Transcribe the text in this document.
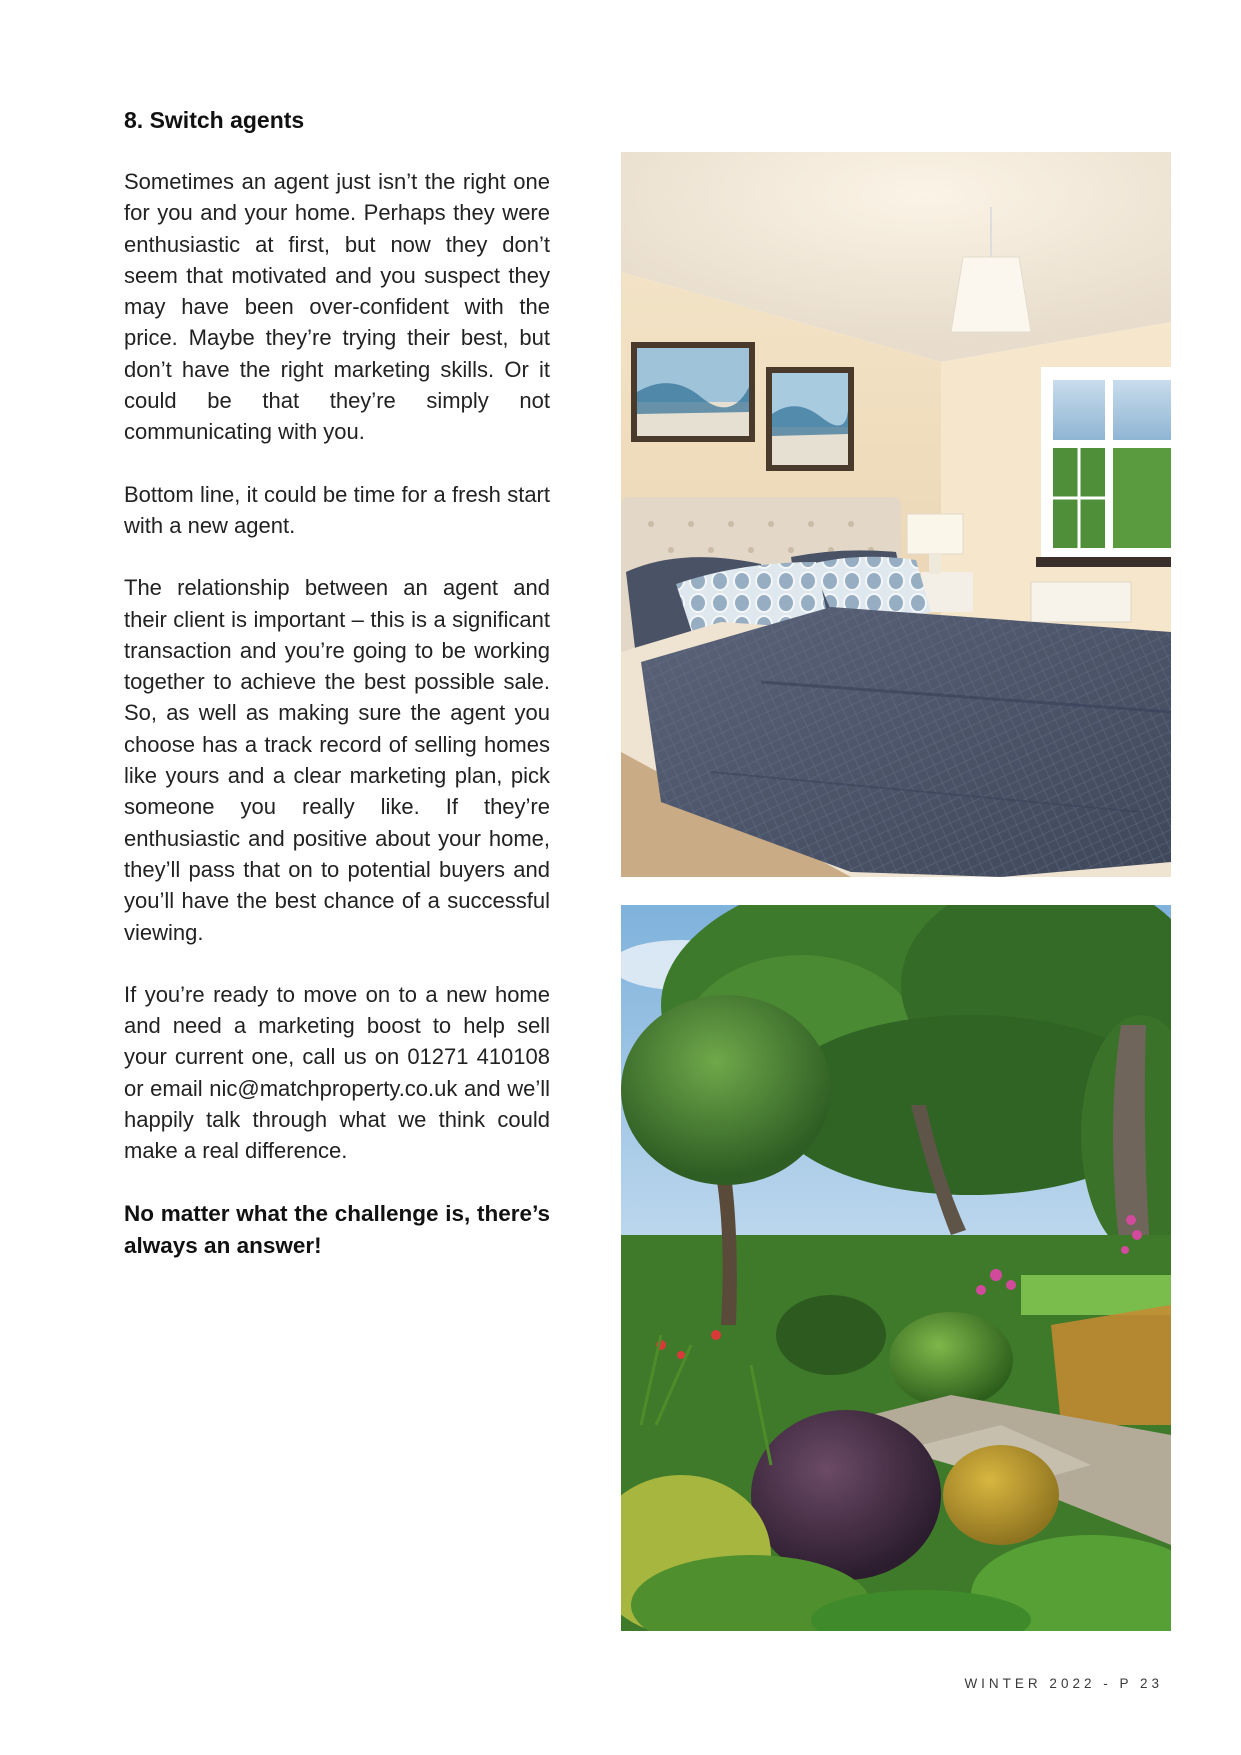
8. Switch agents

Sometimes an agent just isn’t the right one for you and your home. Perhaps they were enthusiastic at first, but now they don’t seem that motivated and you suspect they may have been over-confident with the price. Maybe they’re trying their best, but don’t have the right marketing skills. Or it could be that they’re simply not communicating with you.

Bottom line, it could be time for a fresh start with a new agent.

The relationship between an agent and their client is important – this is a significant transaction and you’re going to be working together to achieve the best possible sale. So, as well as making sure the agent you choose has a track record of selling homes like yours and a clear marketing plan, pick someone you really like. If they’re enthusiastic and positive about your home, they’ll pass that on to potential buyers and you’ll have the best chance of a successful viewing.

If you’re ready to move on to a new home and need a marketing boost to help sell your current one, call us on 01271 410108 or email nic@matchproperty.co.uk and we’ll happily talk through what we think could make a real difference.

No matter what the challenge is, there’s always an answer!

WINTER 2022 - P 23
